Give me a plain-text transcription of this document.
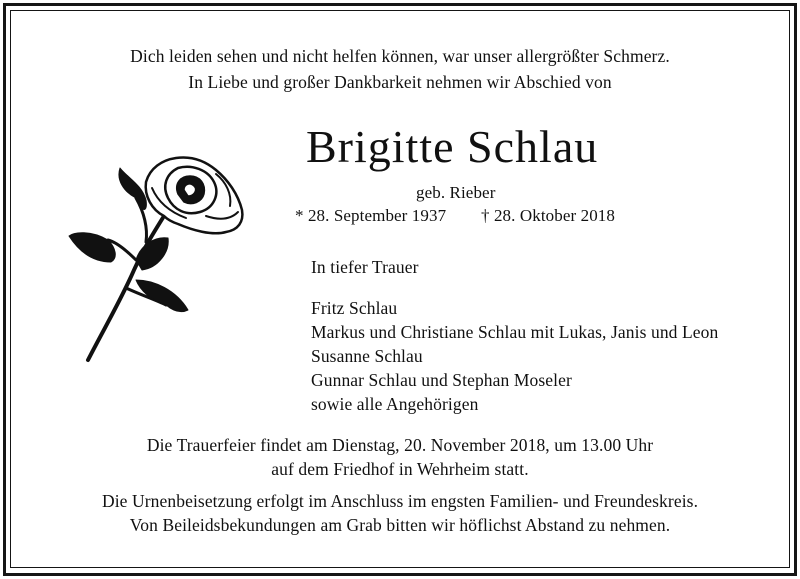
Dich leiden sehen und nicht helfen können, war unser allergrößter Schmerz.
In Liebe und großer Dankbarkeit nehmen wir Abschied von
Brigitte Schlau
geb. Rieber
* 28. September 1937 † 28. Oktober 2018
In tiefer Trauer
Fritz Schlau
Markus und Christiane Schlau mit Lukas, Janis und Leon
Susanne Schlau
Gunnar Schlau und Stephan Moseler
sowie alle Angehörigen
Die Trauerfeier findet am Dienstag, 20. November 2018, um 13.00 Uhr
auf dem Friedhof in Wehrheim statt.
Die Urnenbeisetzung erfolgt im Anschluss im engsten Familien- und Freundeskreis.
Von Beileidsbekundungen am Grab bitten wir höflichst Abstand zu nehmen.
